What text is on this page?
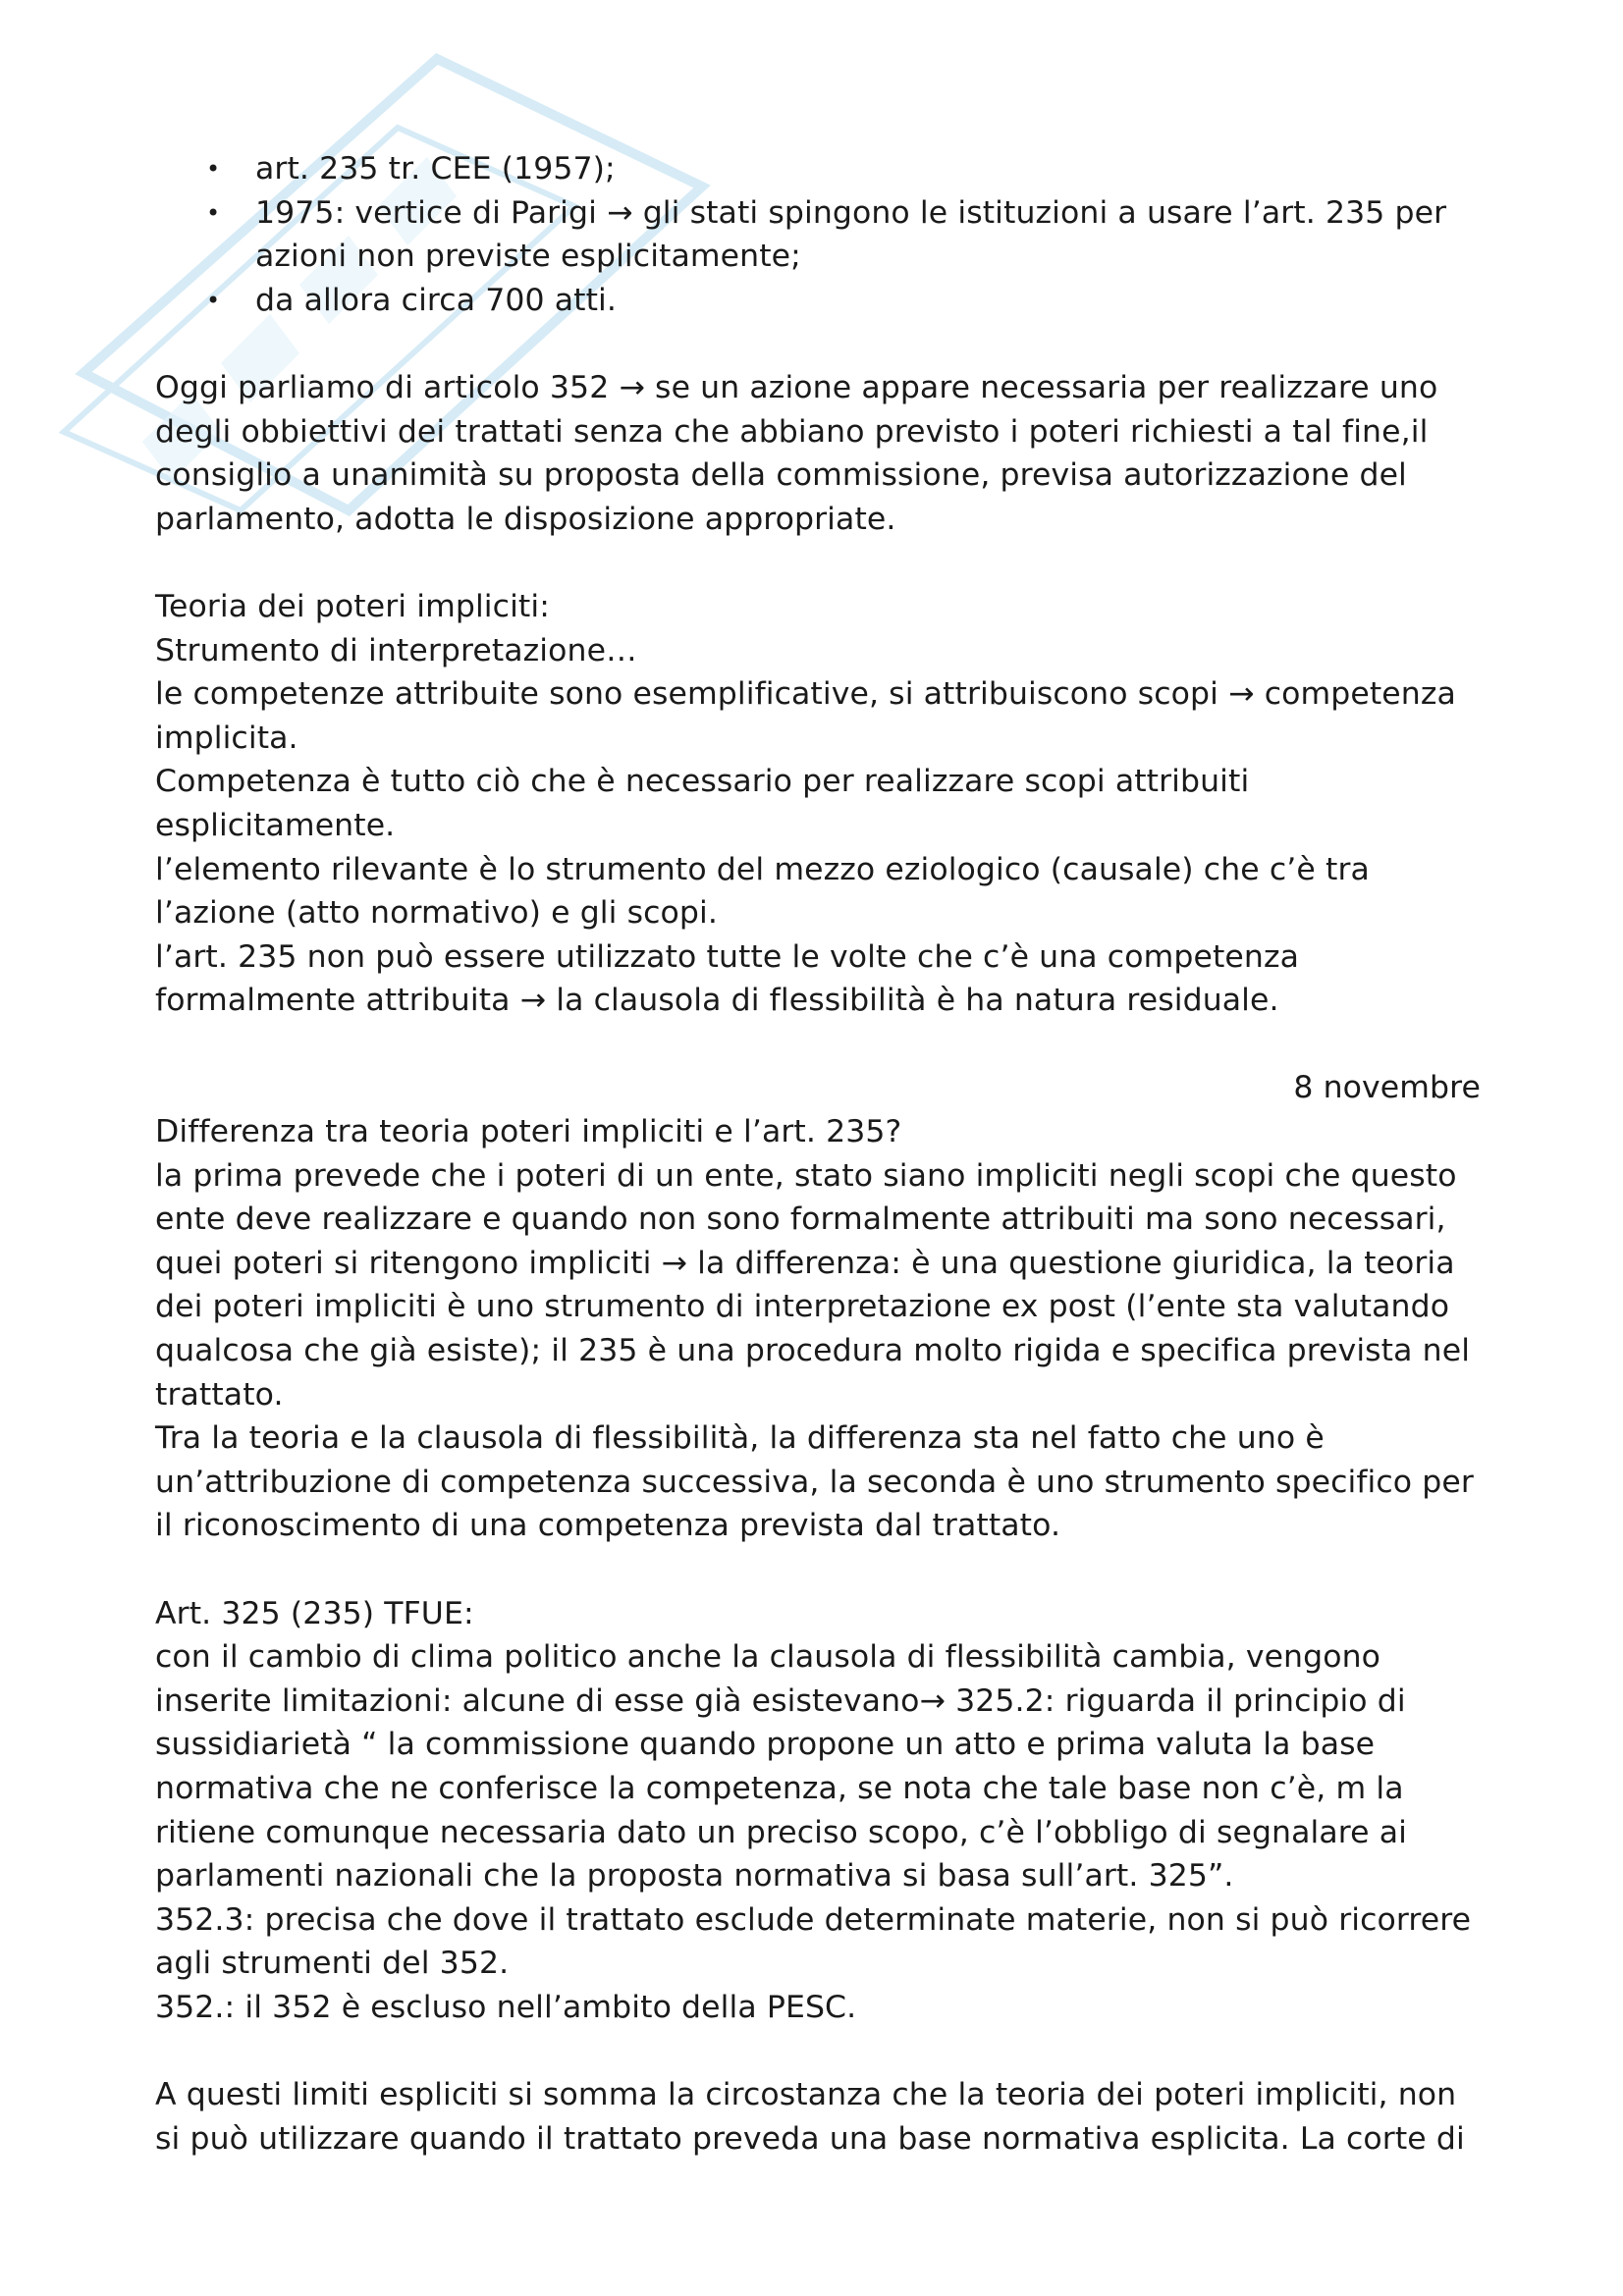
• art. 235 tr. CEE (1957);
• 1975: vertice di Parigi → gli stati spingono le istituzioni a usare l’art. 235 per azioni non previste esplicitamente;
• da allora circa 700 atti.

Oggi parliamo di articolo 352 → se un azione appare necessaria per realizzare uno degli obbiettivi dei trattati senza che abbiano previsto i poteri richiesti a tal fine,il consiglio a unanimità su proposta della commissione, previsa autorizzazione del parlamento, adotta le disposizione appropriate.

Teoria dei poteri impliciti:

Strumento di interpretazione…

le competenze attribuite sono esemplificative, si attribuiscono scopi → competenza implicita.

Competenza è tutto ciò che è necessario per realizzare scopi attribuiti esplicitamente.

l’elemento rilevante è lo strumento del mezzo eziologico (causale) che c’è tra l’azione (atto normativo) e gli scopi.

l’art. 235 non può essere utilizzato tutte le volte che c’è una competenza formalmente attribuita → la clausola di flessibilità è ha natura residuale.

8 novembre

Differenza tra teoria poteri impliciti e l’art. 235?

la prima prevede che i poteri di un ente, stato siano impliciti negli scopi che questo ente deve realizzare e quando non sono formalmente attribuiti ma sono necessari, quei poteri si ritengono impliciti → la differenza: è una questione giuridica, la teoria dei poteri impliciti è uno strumento di interpretazione ex post (l’ente sta valutando qualcosa che già esiste); il 235 è una procedura molto rigida e specifica prevista nel trattato.

Tra la teoria e la clausola di flessibilità, la differenza sta nel fatto che uno è un’attribuzione di competenza successiva, la seconda è uno strumento specifico per il riconoscimento di una competenza prevista dal trattato.

Art. 325 (235) TFUE:

con il cambio di clima politico anche la clausola di flessibilità cambia, vengono inserite limitazioni: alcune di esse già esistevano→ 325.2: riguarda il principio di sussidiarietà “ la commissione quando propone un atto e prima valuta la base normativa che ne conferisce la competenza, se nota che tale base non c’è, m la ritiene comunque necessaria dato un preciso scopo, c’è l’obbligo di segnalare ai parlamenti nazionali che la proposta normativa si basa sull’art. 325”.

352.3: precisa che dove il trattato esclude determinate materie, non si può ricorrere agli strumenti del 352.

352.: il 352 è escluso nell’ambito della PESC.

A questi limiti espliciti si somma la circostanza che la teoria dei poteri impliciti, non si può utilizzare quando il trattato preveda una base normativa esplicita. La corte di
